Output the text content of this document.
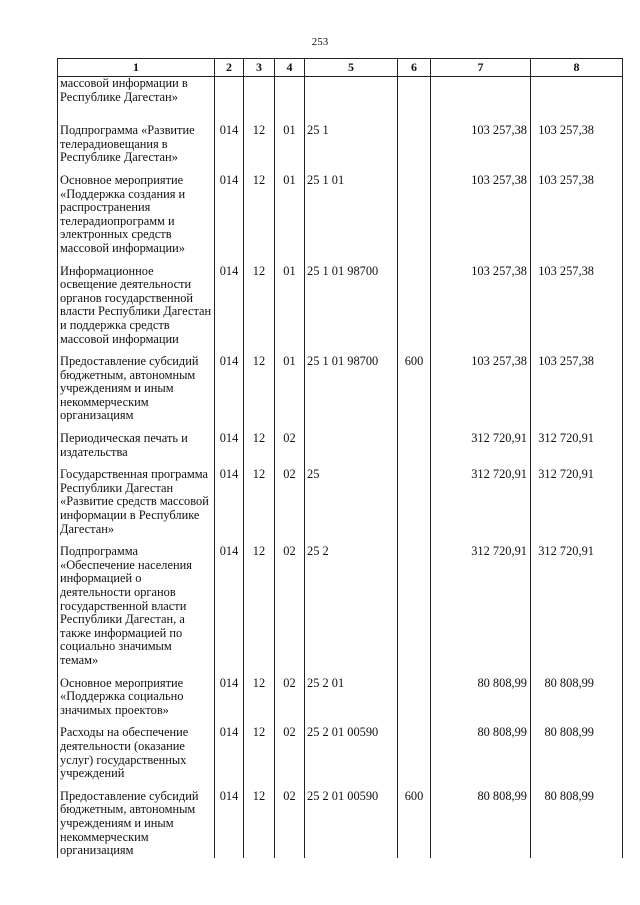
253
1	2	3	4	5	6	7	8
массовой информации в Республике Дагестан»							
Подпрограмма «Развитие телерадиовещания в Республике Дагестан»	014	12	01	25 1		103 257,38	103 257,38
Основное мероприятие «Поддержка создания и распространения телерадиопрограмм и электронных средств массовой информации»	014	12	01	25 1 01		103 257,38	103 257,38
Информационное освещение деятельности органов государственной власти Республики Дагестан и поддержка средств массовой информации	014	12	01	25 1 01 98700		103 257,38	103 257,38
Предоставление субсидий бюджетным, автономным учреждениям и иным некоммерческим организациям	014	12	01	25 1 01 98700	600	103 257,38	103 257,38
Периодическая печать и издательства	014	12	02			312 720,91	312 720,91
Государственная программа Республики Дагестан «Развитие средств массовой информации в Республике Дагестан»	014	12	02	25		312 720,91	312 720,91
Подпрограмма «Обеспечение населения информацией о деятельности органов государственной власти Республики Дагестан, а также информацией по социально значимым темам»	014	12	02	25 2		312 720,91	312 720,91
Основное мероприятие «Поддержка социально значимых проектов»	014	12	02	25 2 01		80 808,99	80 808,99
Расходы на обеспечение деятельности (оказание услуг) государственных учреждений	014	12	02	25 2 01 00590		80 808,99	80 808,99
Предоставление субсидий бюджетным, автономным учреждениям и иным некоммерческим организациям	014	12	02	25 2 01 00590	600	80 808,99	80 808,99
